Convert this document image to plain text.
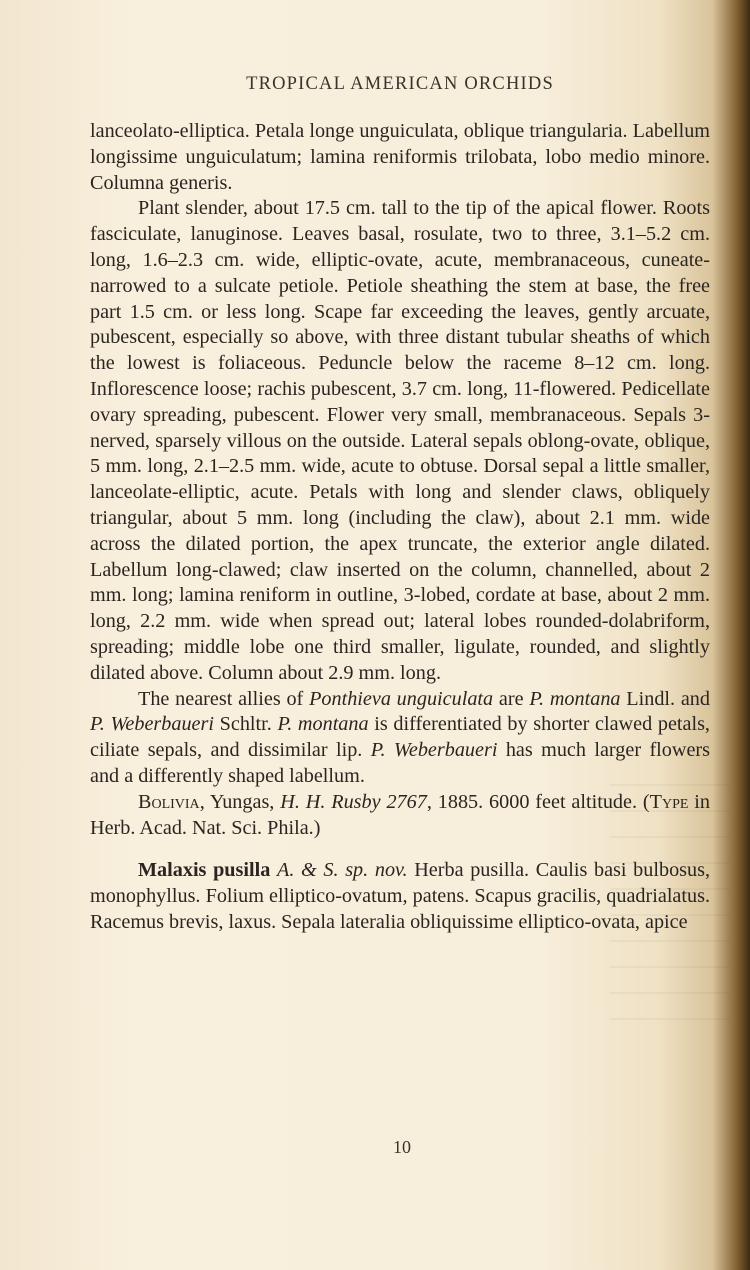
TROPICAL AMERICAN ORCHIDS

lanceolato-elliptica. Petala longe unguiculata, oblique triangularia. Labellum longissime unguiculatum; lamina reniformis trilobata, lobo medio minore. Columna generis.

Plant slender, about 17.5 cm. tall to the tip of the apical flower. Roots fasciculate, lanuginose. Leaves basal, rosulate, two to three, 3.1–5.2 cm. long, 1.6–2.3 cm. wide, elliptic-ovate, acute, membranaceous, cuneate-narrowed to a sulcate petiole. Petiole sheathing the stem at base, the free part 1.5 cm. or less long. Scape far exceeding the leaves, gently arcuate, pubescent, especially so above, with three distant tubular sheaths of which the lowest is foliaceous. Peduncle below the raceme 8–12 cm. long. Inflorescence loose; rachis pubescent, 3.7 cm. long, 11-flowered. Pedicellate ovary spreading, pubescent. Flower very small, membranaceous. Sepals 3-nerved, sparsely villous on the outside. Lateral sepals oblong-ovate, oblique, 5 mm. long, 2.1–2.5 mm. wide, acute to obtuse. Dorsal sepal a little smaller, lanceolate-elliptic, acute. Petals with long and slender claws, obliquely triangular, about 5 mm. long (including the claw), about 2.1 mm. wide across the dilated portion, the apex truncate, the exterior angle dilated. Labellum long-clawed; claw inserted on the column, channelled, about 2 mm. long; lamina reniform in outline, 3-lobed, cordate at base, about 2 mm. long, 2.2 mm. wide when spread out; lateral lobes rounded-dolabriform, spreading; middle lobe one third smaller, ligulate, rounded, and slightly dilated above. Column about 2.9 mm. long.

The nearest allies of Ponthieva unguiculata are P. montana Lindl. and P. Weberbaueri Schltr. P. montana is differentiated by shorter clawed petals, ciliate sepals, and dissimilar lip. P. Weberbaueri has much larger flowers and a differently shaped labellum.

Bolivia, Yungas, H. H. Rusby 2767, 1885. 6000 feet altitude. (Type in Herb. Acad. Nat. Sci. Phila.)

Malaxis pusilla A. & S. sp. nov. Herba pusilla. Caulis basi bulbosus, monophyllus. Folium elliptico-ovatum, patens. Scapus gracilis, quadrialatus. Racemus brevis, laxus. Sepala lateralia obliquissime elliptico-ovata, apice

10
